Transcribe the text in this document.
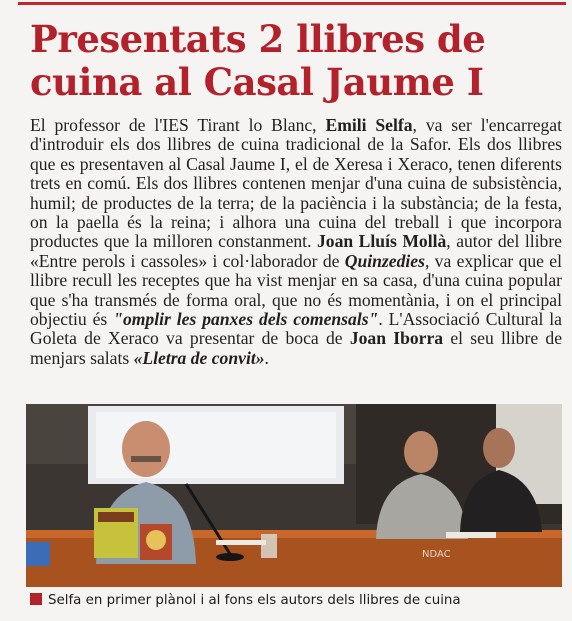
Presentats 2 llibres de
cuina al Casal Jaume I
El professor de l'IES Tirant lo Blanc, Emili Selfa, va ser l'encarregat d'introduir els dos llibres de cuina tradicional de la Safor. Els dos llibres que es presentaven al Casal Jaume I, el de Xeresa i Xeraco, tenen diferents trets en comú. Els dos llibres contenen menjar d'una cuina de subsistència, humil; de productes de la terra; de la paciència i la substància; de la festa, on la paella és la reina; i alhora una cuina del treball i que incorpora productes que la milloren constanment. Joan Lluís Mollà, autor del llibre «Entre perols i cassoles» i col·laborador de Quinzedies, va explicar que el llibre recull les receptes que ha vist menjar en sa casa, d'una cuina popular que s'ha transmés de forma oral, que no és momentània, i on el principal objectiu és "omplir les panxes dels comensals". L'Associació Cultural la Goleta de Xeraco va presentar de boca de Joan Iborra el seu llibre de menjars salats «Lletra de convit».
NDAC
Selfa en primer plànol i al fons els autors dels llibres de cuina
